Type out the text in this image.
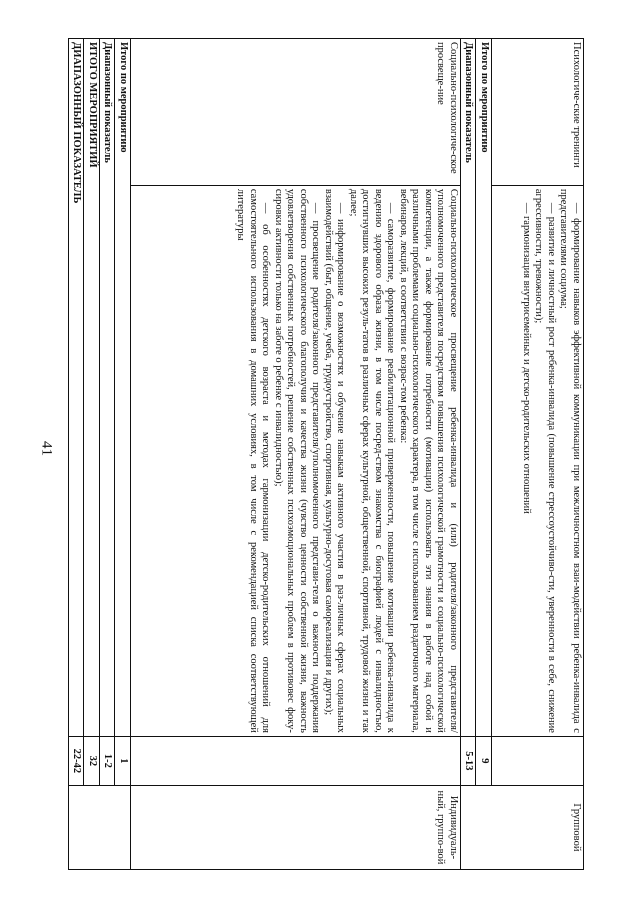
41
Психологиче-ские тренинги	— формирование навыков эффективной коммуникации при межличностном взаи-модействии ребенка-инвалида с представителями социума;

— развитие и личностный рост ребенка-инвалида (повышение стрессоустойчиво-сти, уверенности в себе, снижение агрессивности, тревожности);

— гармонизация внутрисемейных и детско-родительских отношений		Групповой
Итого по мероприятию		9	
Диапазонный показатель		5-13	
Социально-психологиче-ское просвеще-ние	Социально-психологическое просвещение ребенка-инвалида и (или) родителя/законного представителя/уполномоченного представителя посредством повышения психологической грамотности и социально-психологической компетенции, а также формирование потребности (мотивации) использовать эти знания в работе над собой и различными проблемами социально-психологического характера, в том числе с использованием раздаточного материала, вебинаров, лекций, в соответствии с возрас-том ребенка:

— саморазвитие, формирование реабилитационной приверженности, повышение мотивации ребенка-инвалида к ведению здорового образа жизни, в том числе посред-ством знакомства с биографией людей с инвалидностью, достигнувших высоких резуль-татов в различных сферах культурной, общественной, спортивной, трудовой жизни и так далее;

— информирование о возможностях и обучение навыкам активного участия в раз-личных сферах социальных взаимодействий (быт, общение, учеба, трудоустройство, спортивная, культурно-досуговая самореализация и других);

— просвещение родителя/законного представителя/уполномоченного представи-теля о важности поддержания собственного психологического благополучия и качества жизни (чувство ценности собственной жизни, важность удовлетворения собственных потребностей, решение собственных психоэмоциональных проблем в противовес фоку-сировки активности только на заботе о ребенке с инвалидностью);

— об особенностях детского возраста и методах гармонизации детско-родительских отношений для самостоятельного использования в домашних условиях, в том числе с рекомендацией списка соответствующей литературы		Индивидуаль-ный, группо-вой
Итого по мероприятию		1	
Диапазонный показатель		1-2	
ИТОГО МЕРОПРИЯТИЙ		32	
ДИАПАЗОННЫЙ ПОКАЗАТЕЛЬ		22-42	
